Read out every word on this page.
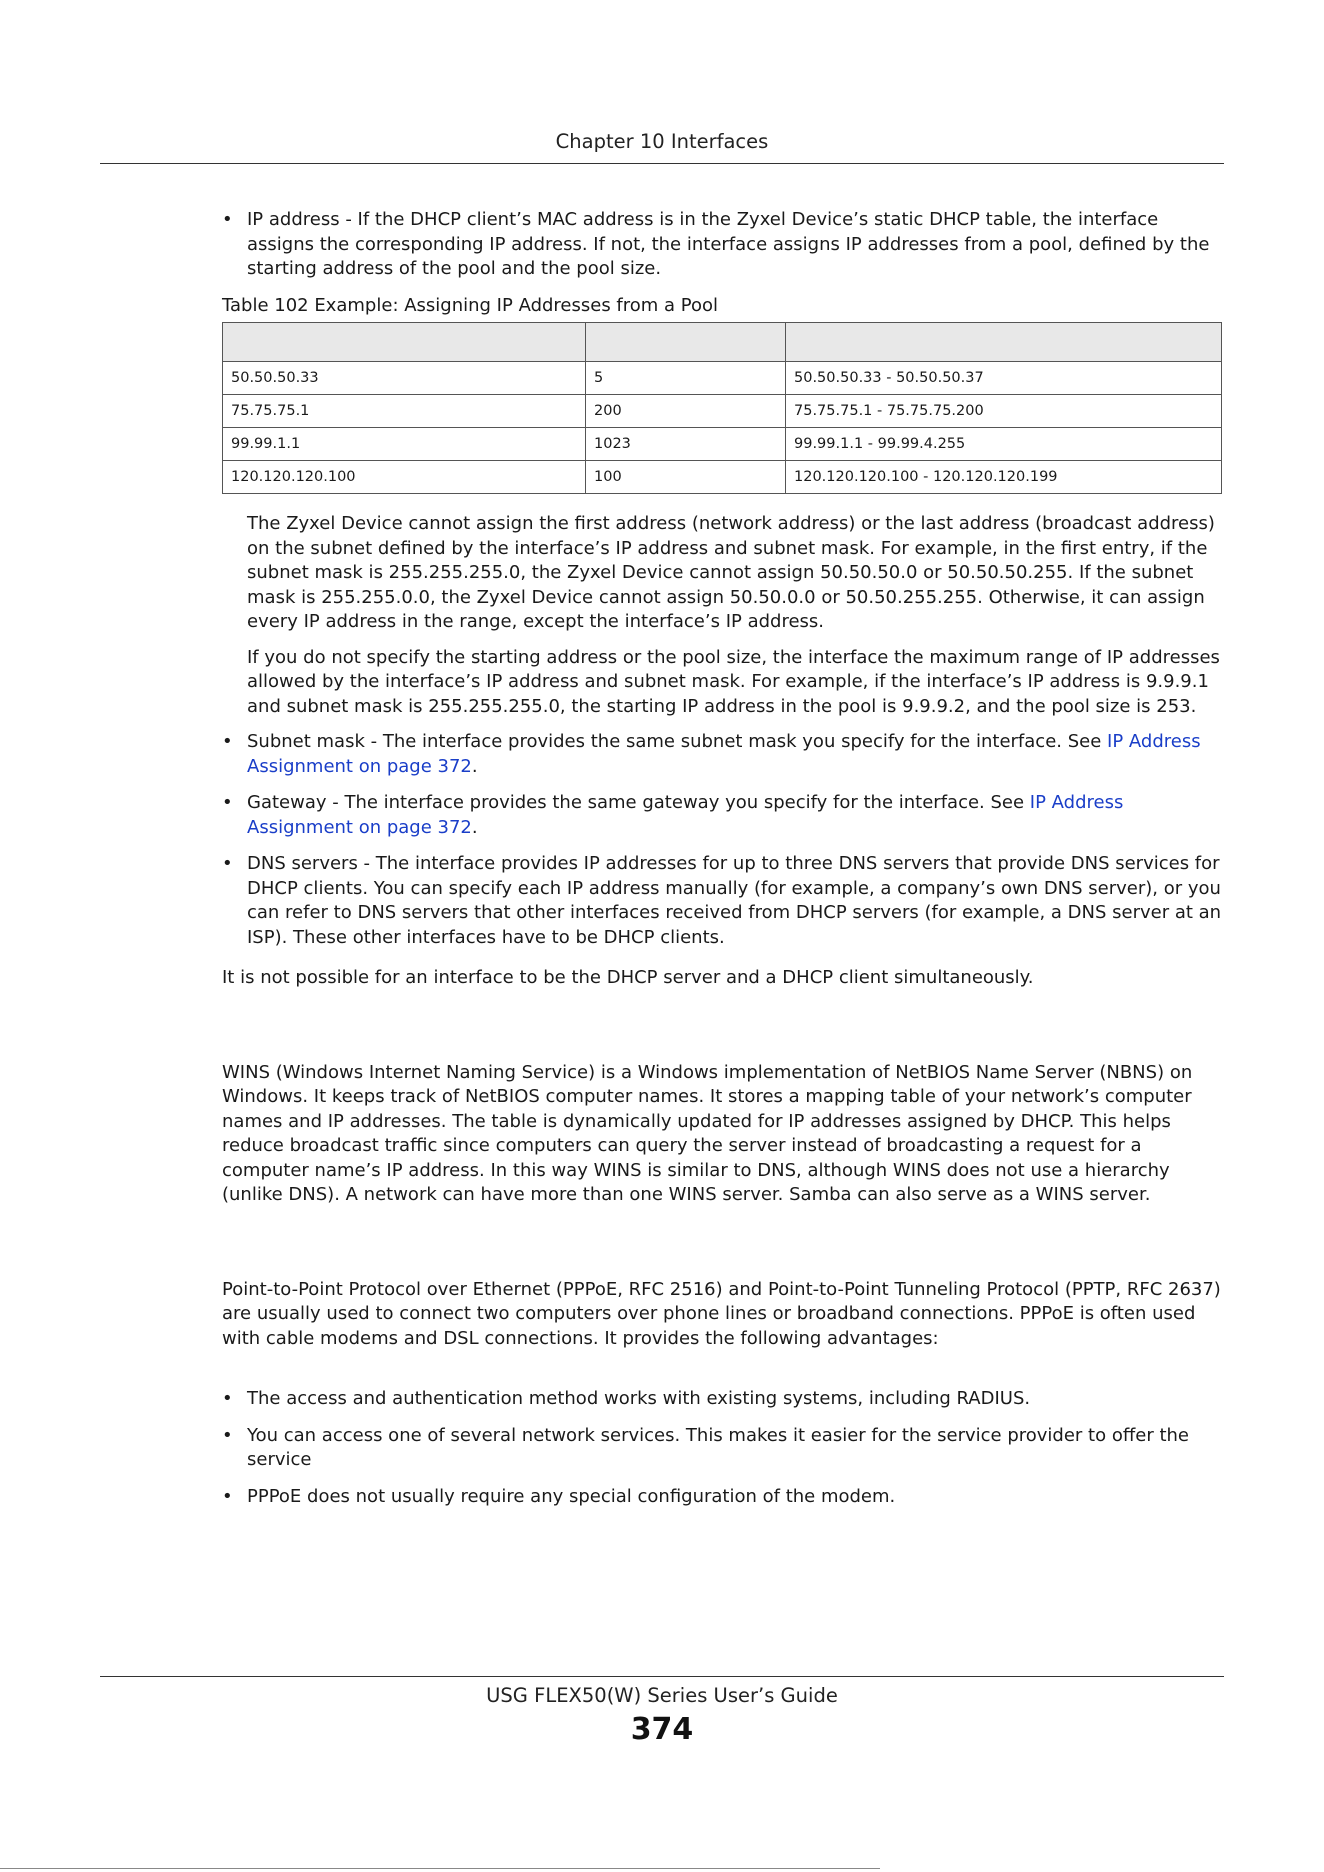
Chapter 10 Interfaces
• IP address - If the DHCP client’s MAC address is in the Zyxel Device’s static DHCP table, the interface assigns the corresponding IP address. If not, the interface assigns IP addresses from a pool, defined by the starting address of the pool and the pool size.
Table 102 Example: Assigning IP Addresses from a Pool

50.50.50.33	5	50.50.50.33 - 50.50.50.37
75.75.75.1	200	75.75.75.1 - 75.75.75.200
99.99.1.1	1023	99.99.1.1 - 99.99.4.255
120.120.120.100	100	120.120.120.100 - 120.120.120.199
The Zyxel Device cannot assign the first address (network address) or the last address (broadcast address) on the subnet defined by the interface’s IP address and subnet mask. For example, in the first entry, if the subnet mask is 255.255.255.0, the Zyxel Device cannot assign 50.50.50.0 or 50.50.50.255. If the subnet mask is 255.255.0.0, the Zyxel Device cannot assign 50.50.0.0 or 50.50.255.255. Otherwise, it can assign every IP address in the range, except the interface’s IP address.
If you do not specify the starting address or the pool size, the interface the maximum range of IP addresses allowed by the interface’s IP address and subnet mask. For example, if the interface’s IP address is 9.9.9.1 and subnet mask is 255.255.255.0, the starting IP address in the pool is 9.9.9.2, and the pool size is 253.
• Subnet mask - The interface provides the same subnet mask you specify for the interface. See IP Address Assignment on page 372.
• Gateway - The interface provides the same gateway you specify for the interface. See IP Address Assignment on page 372.
• DNS servers - The interface provides IP addresses for up to three DNS servers that provide DNS services for DHCP clients. You can specify each IP address manually (for example, a company’s own DNS server), or you can refer to DNS servers that other interfaces received from DHCP servers (for example, a DNS server at an ISP). These other interfaces have to be DHCP clients.
It is not possible for an interface to be the DHCP server and a DHCP client simultaneously.
WINS (Windows Internet Naming Service) is a Windows implementation of NetBIOS Name Server (NBNS) on Windows. It keeps track of NetBIOS computer names. It stores a mapping table of your network’s computer names and IP addresses. The table is dynamically updated for IP addresses assigned by DHCP. This helps reduce broadcast traffic since computers can query the server instead of broadcasting a request for a computer name’s IP address. In this way WINS is similar to DNS, although WINS does not use a hierarchy (unlike DNS). A network can have more than one WINS server. Samba can also serve as a WINS server.
Point-to-Point Protocol over Ethernet (PPPoE, RFC 2516) and Point-to-Point Tunneling Protocol (PPTP, RFC 2637) are usually used to connect two computers over phone lines or broadband connections. PPPoE is often used with cable modems and DSL connections. It provides the following advantages:
• The access and authentication method works with existing systems, including RADIUS.
• You can access one of several network services. This makes it easier for the service provider to offer the service
• PPPoE does not usually require any special configuration of the modem.
USG FLEX50(W) Series User’s Guide
374
